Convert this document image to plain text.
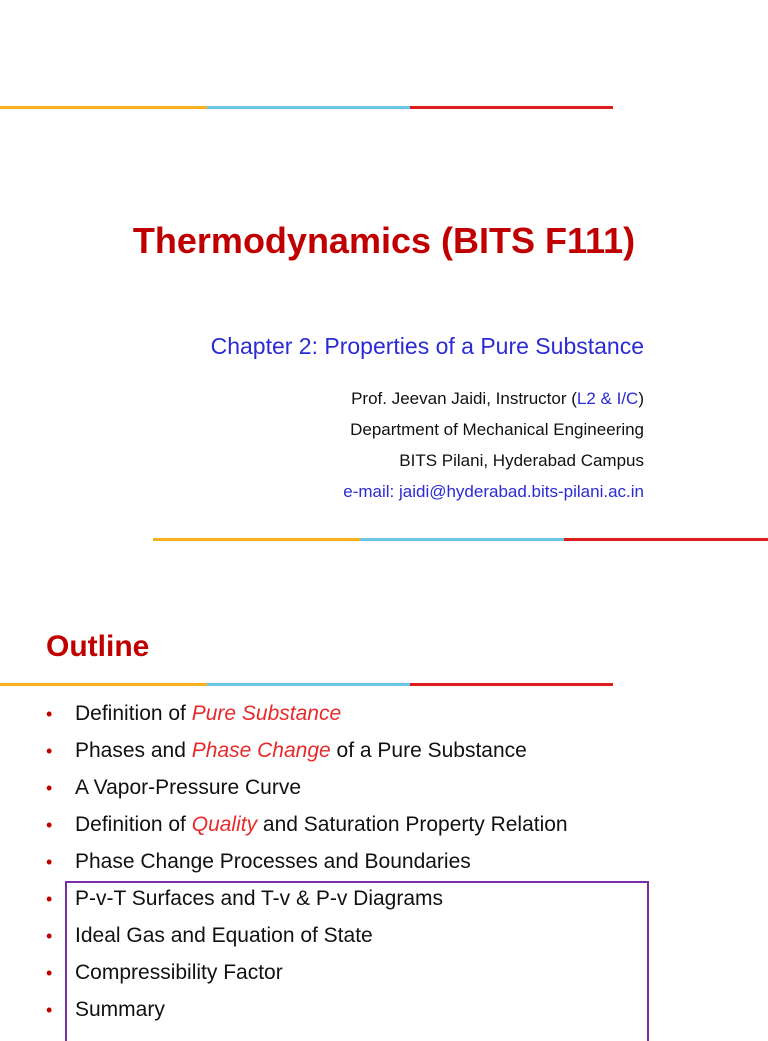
Thermodynamics (BITS F111)
Chapter 2: Properties of a Pure Substance
Prof. Jeevan Jaidi, Instructor (L2 & I/C)
Department of Mechanical Engineering
BITS Pilani, Hyderabad Campus
e-mail: jaidi@hyderabad.bits-pilani.ac.in
Outline
• Definition of Pure Substance
• Phases and Phase Change of a Pure Substance
• A Vapor-Pressure Curve
• Definition of Quality and Saturation Property Relation
• Phase Change Processes and Boundaries
• P-v-T Surfaces and T-v & P-v Diagrams
• Ideal Gas and Equation of State
• Compressibility Factor
• Summary
